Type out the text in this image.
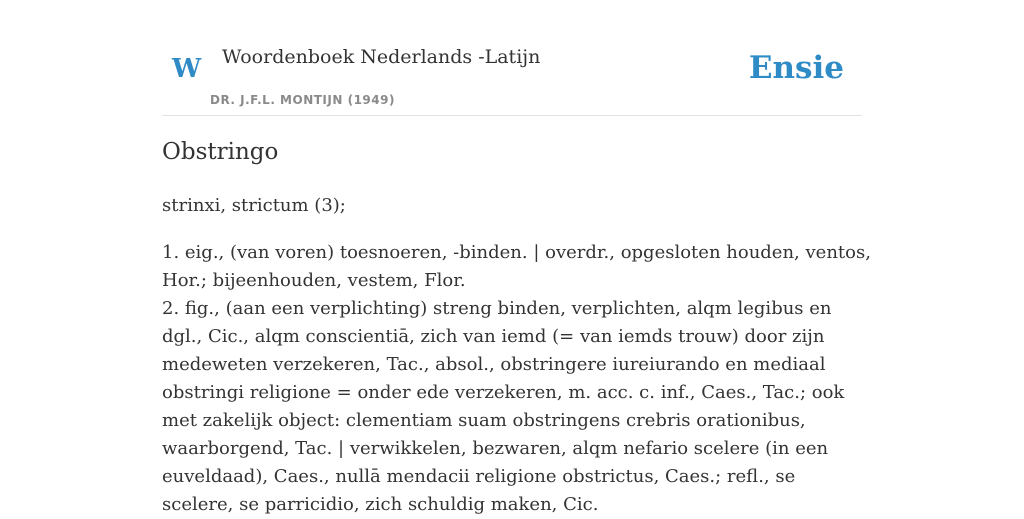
W Woordenboek Nederlands -Latijn
DR. J.F.L. MONTIJN (1949)
Ensie
Obstringo

strinxi, strictum (3);

1. eig., (van voren) toesnoeren, -binden. | overdr., opgesloten houden, ventos, Hor.; bijeenhouden, vestem, Flor.

2. fig., (aan een verplichting) streng binden, verplichten, alqm legibus en dgl., Cic., alqm conscientiā, zich van iemd (= van iemds trouw) door zijn medeweten verzekeren, Tac., absol., obstringere iureiurando en mediaal obstringi religione = onder ede verzekeren, m. acc. c. inf., Caes., Tac.; ook met zakelijk object: clementiam suam obstringens crebris orationibus, waarborgend, Tac. | verwikkelen, bezwaren, alqm nefario scelere (in een euveldaad), Caes., nullā mendacii religione obstrictus, Caes.; refl., se scelere, se parricidio, zich schuldig maken, Cic.
